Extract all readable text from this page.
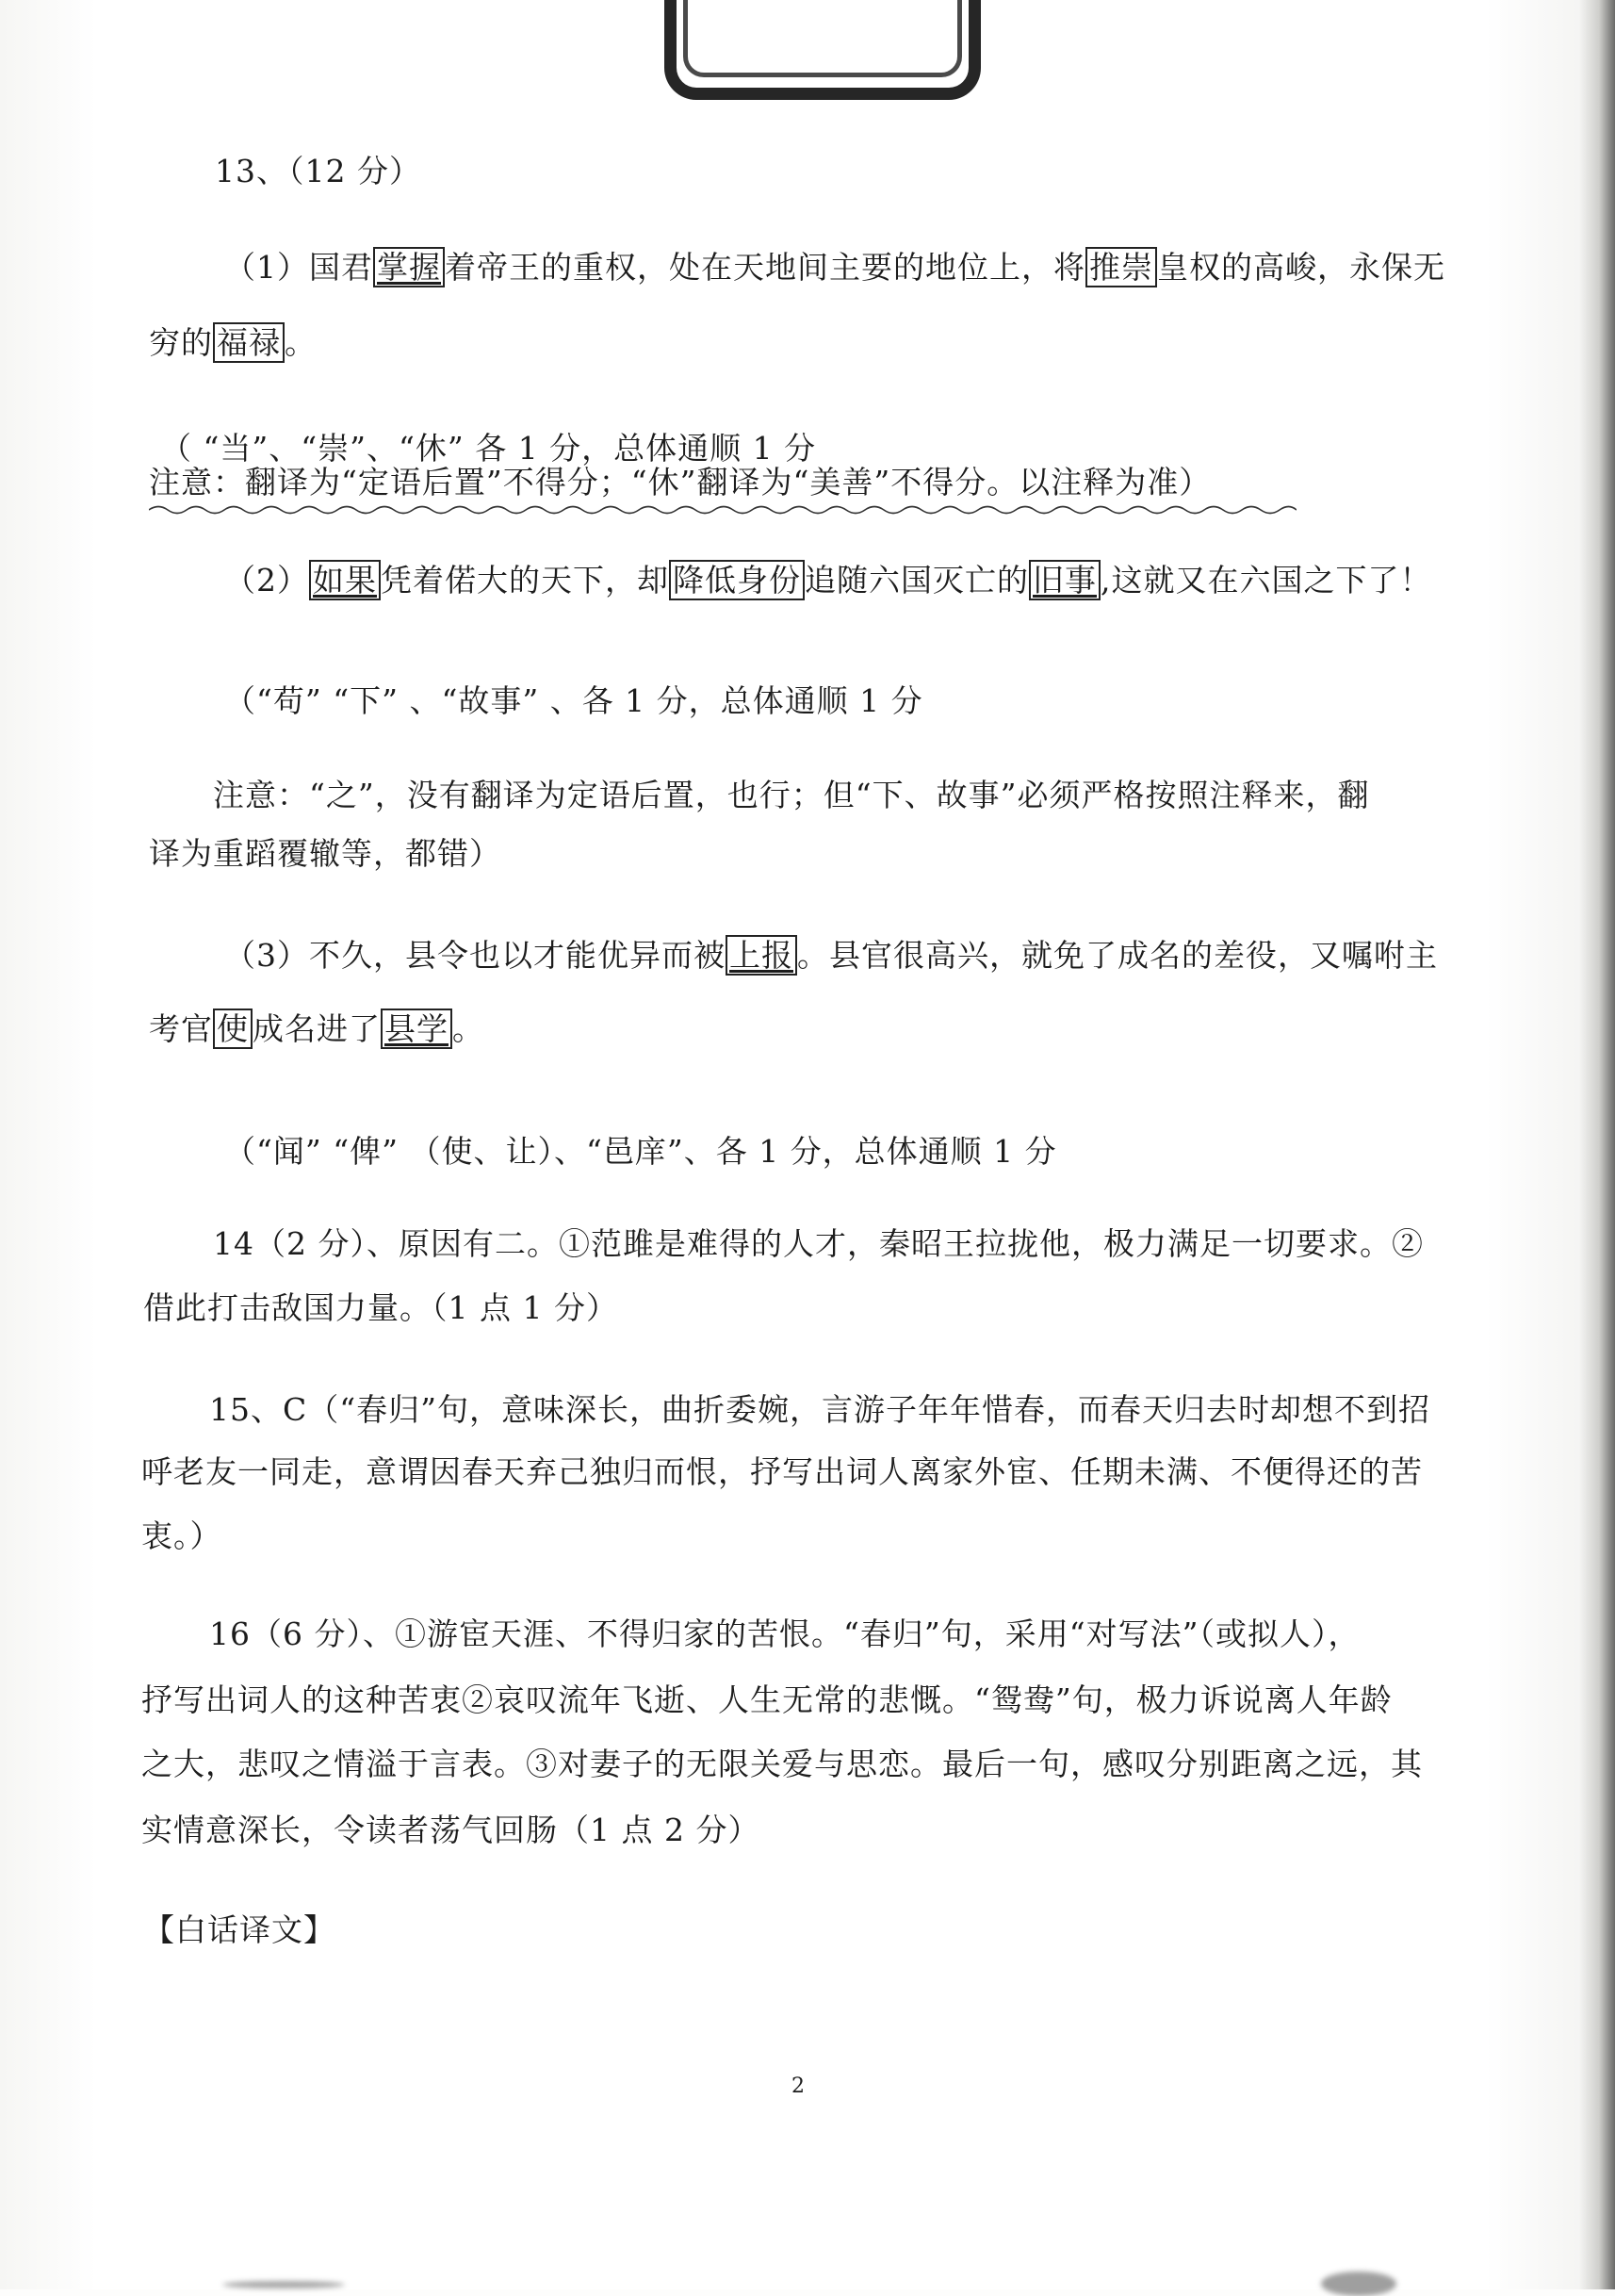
13、（12 分）
（1）国君 掌握 着帝王的重权，处在天地间主要的地位上，将 推崇 皇权的高峻，永保无
穷的 福禄 。
（ “当”、“崇”、“休” 各 1 分，总体通顺 1 分
注意：翻译为“定语后置”不得分；“休”翻译为“美善”不得分。以注释为准）
（2） 如果 凭着偌大的天下，却 降低身份 追随六国灭亡的 旧事 ,这就又在六国之下了！
（“苟” “下” 、“故事” 、各 1 分，总体通顺 1 分
注意：“之”，没有翻译为定语后置，也行；但“下、故事”必须严格按照注释来，翻
译为重蹈覆辙等，都错）
（3）不久，县令也以才能优异而被 上报 。县官很高兴，就免了成名的差役，又嘱咐主
考官 使 成名进了 县学 。
（“闻” “俾” （使、让）、“邑庠”、各 1 分，总体通顺 1 分
14（2 分）、原因有二。①范雎是难得的人才，秦昭王拉拢他，极力满足一切要求。②
借此打击敌国力量。（1 点 1 分）
15、C（“春归”句，意味深长，曲折委婉，言游子年年惜春，而春天归去时却想不到招
呼老友一同走，意谓因春天弃己独归而恨，抒写出词人离家外宦、任期未满、不便得还的苦
衷。）
16（6 分）、①游宦天涯、不得归家的苦恨。“春归”句，采用“对写法”（或拟人），
抒写出词人的这种苦衷②哀叹流年飞逝、人生无常的悲慨。“鸳鸯”句，极力诉说离人年龄
之大，悲叹之情溢于言表。③对妻子的无限关爱与思恋。最后一句，感叹分别距离之远，其
实情意深长，令读者荡气回肠（1 点 2 分）
【白话译文】
2
